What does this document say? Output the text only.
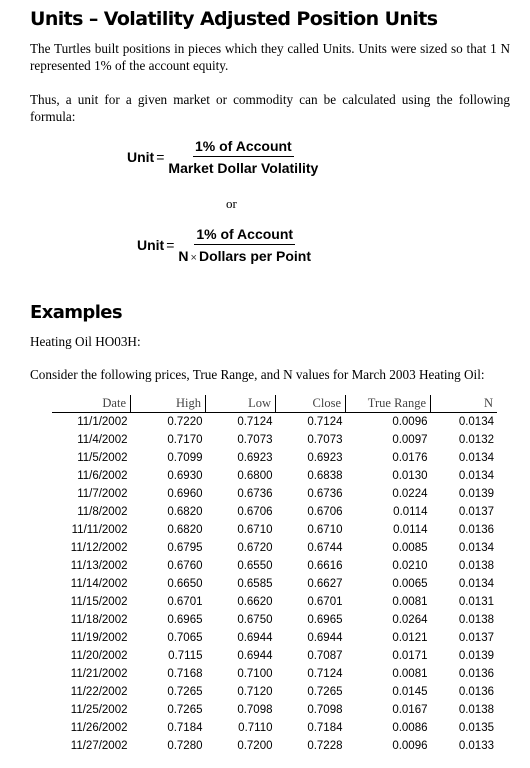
Units – Volatility Adjusted Position Units
The Turtles built positions in pieces which they called Units. Units were sized so that 1 N represented 1% of the account equity.
Thus, a unit for a given market or commodity can be calculated using the following formula:
Unit = $\frac{\text{1\% of Account}}{\text{Market Dollar Volatility}}$
or
Unit = $\frac{\text{1\% of Account}}{\text{N × Dollars per Point}}$
Examples
Heating Oil HO03H:
Consider the following prices, True Range, and N values for March 2003 Heating Oil:
Date	High	Low	Close	True Range	N
11/1/2002	0.7220	0.7124	0.7124	0.0096	0.0134
11/4/2002	0.7170	0.7073	0.7073	0.0097	0.0132
11/5/2002	0.7099	0.6923	0.6923	0.0176	0.0134
11/6/2002	0.6930	0.6800	0.6838	0.0130	0.0134
11/7/2002	0.6960	0.6736	0.6736	0.0224	0.0139
11/8/2002	0.6820	0.6706	0.6706	0.0114	0.0137
11/11/2002	0.6820	0.6710	0.6710	0.0114	0.0136
11/12/2002	0.6795	0.6720	0.6744	0.0085	0.0134
11/13/2002	0.6760	0.6550	0.6616	0.0210	0.0138
11/14/2002	0.6650	0.6585	0.6627	0.0065	0.0134
11/15/2002	0.6701	0.6620	0.6701	0.0081	0.0131
11/18/2002	0.6965	0.6750	0.6965	0.0264	0.0138
11/19/2002	0.7065	0.6944	0.6944	0.0121	0.0137
11/20/2002	0.7115	0.6944	0.7087	0.0171	0.0139
11/21/2002	0.7168	0.7100	0.7124	0.0081	0.0136
11/22/2002	0.7265	0.7120	0.7265	0.0145	0.0136
11/25/2002	0.7265	0.7098	0.7098	0.0167	0.0138
11/26/2002	0.7184	0.7110	0.7184	0.0086	0.0135
11/27/2002	0.7280	0.7200	0.7228	0.0096	0.0133
